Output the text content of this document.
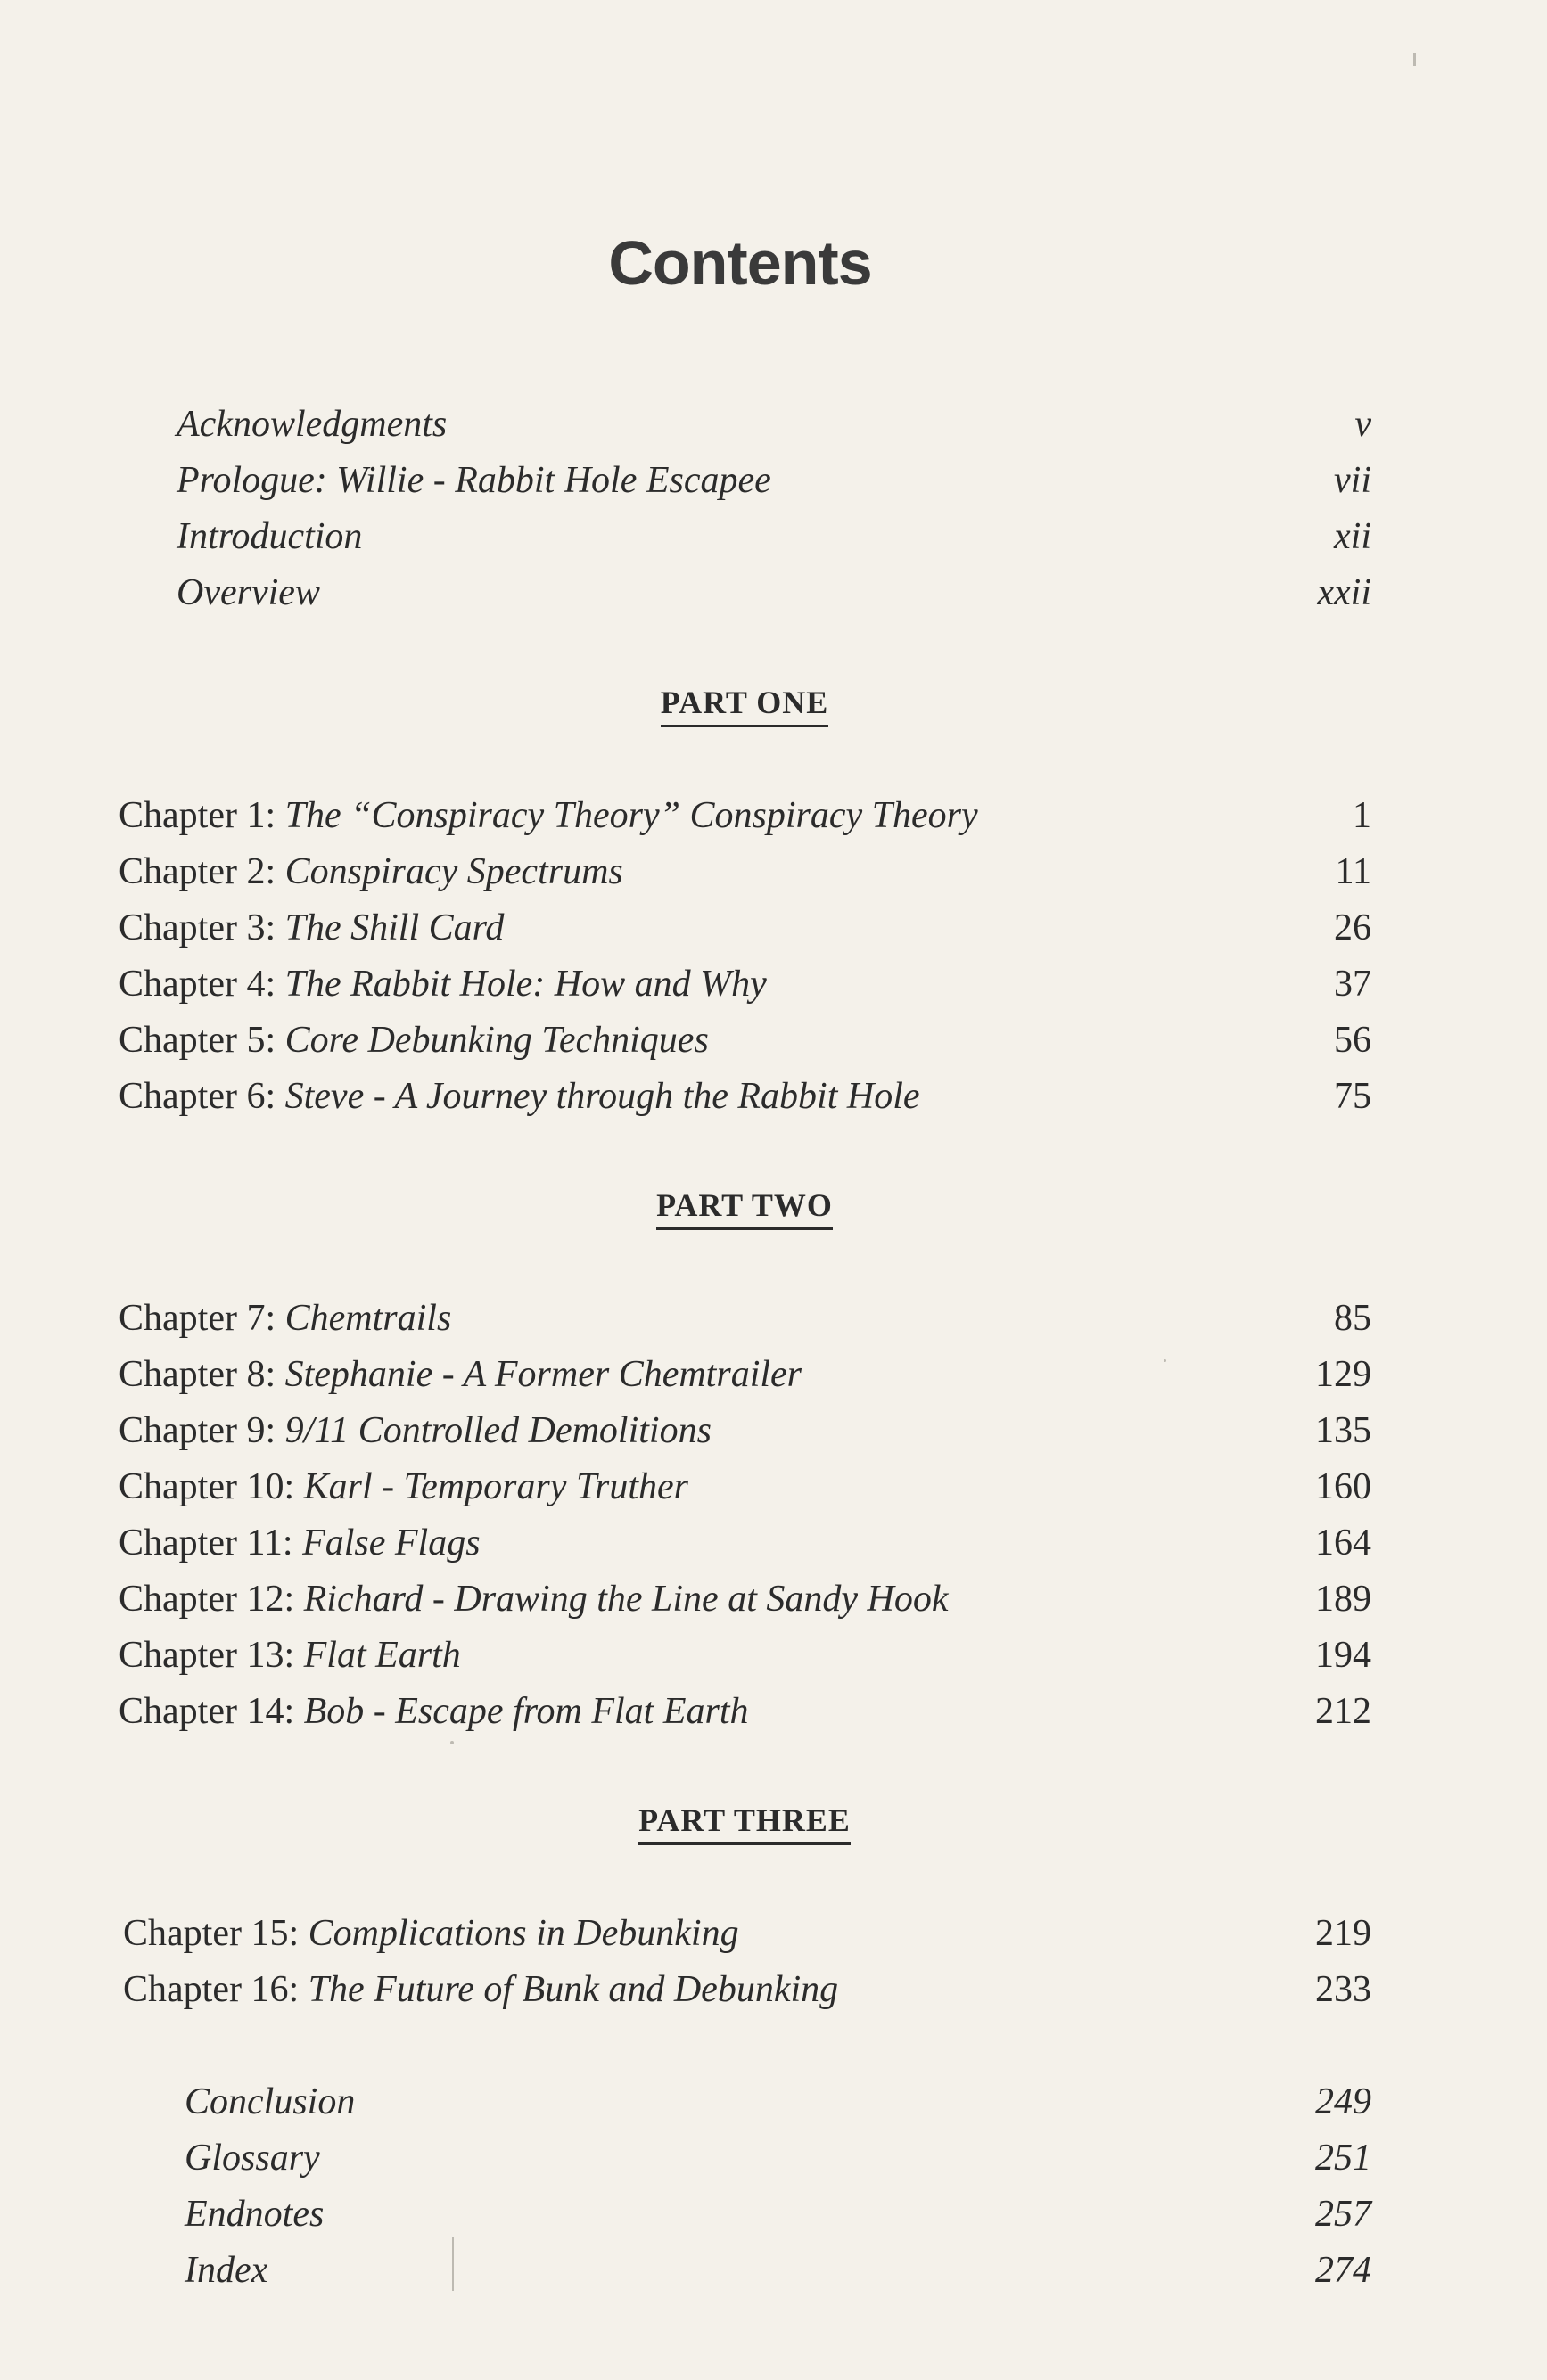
Contents
Acknowledgments	v
Prologue: Willie - Rabbit Hole Escapee	vii
Introduction	xii
Overview	xxii
PART ONE
Chapter 1: The “Conspiracy Theory” Conspiracy Theory	1
Chapter 2: Conspiracy Spectrums	11
Chapter 3: The Shill Card	26
Chapter 4: The Rabbit Hole: How and Why	37
Chapter 5: Core Debunking Techniques	56
Chapter 6: Steve - A Journey through the Rabbit Hole	75
PART TWO
Chapter 7: Chemtrails	85
Chapter 8: Stephanie - A Former Chemtrailer	129
Chapter 9: 9/11 Controlled Demolitions	135
Chapter 10: Karl - Temporary Truther	160
Chapter 11: False Flags	164
Chapter 12: Richard - Drawing the Line at Sandy Hook	189
Chapter 13: Flat Earth	194
Chapter 14: Bob - Escape from Flat Earth	212
PART THREE
Chapter 15: Complications in Debunking	219
Chapter 16: The Future of Bunk and Debunking	233
Conclusion	249
Glossary	251
Endnotes	257
Index	274
